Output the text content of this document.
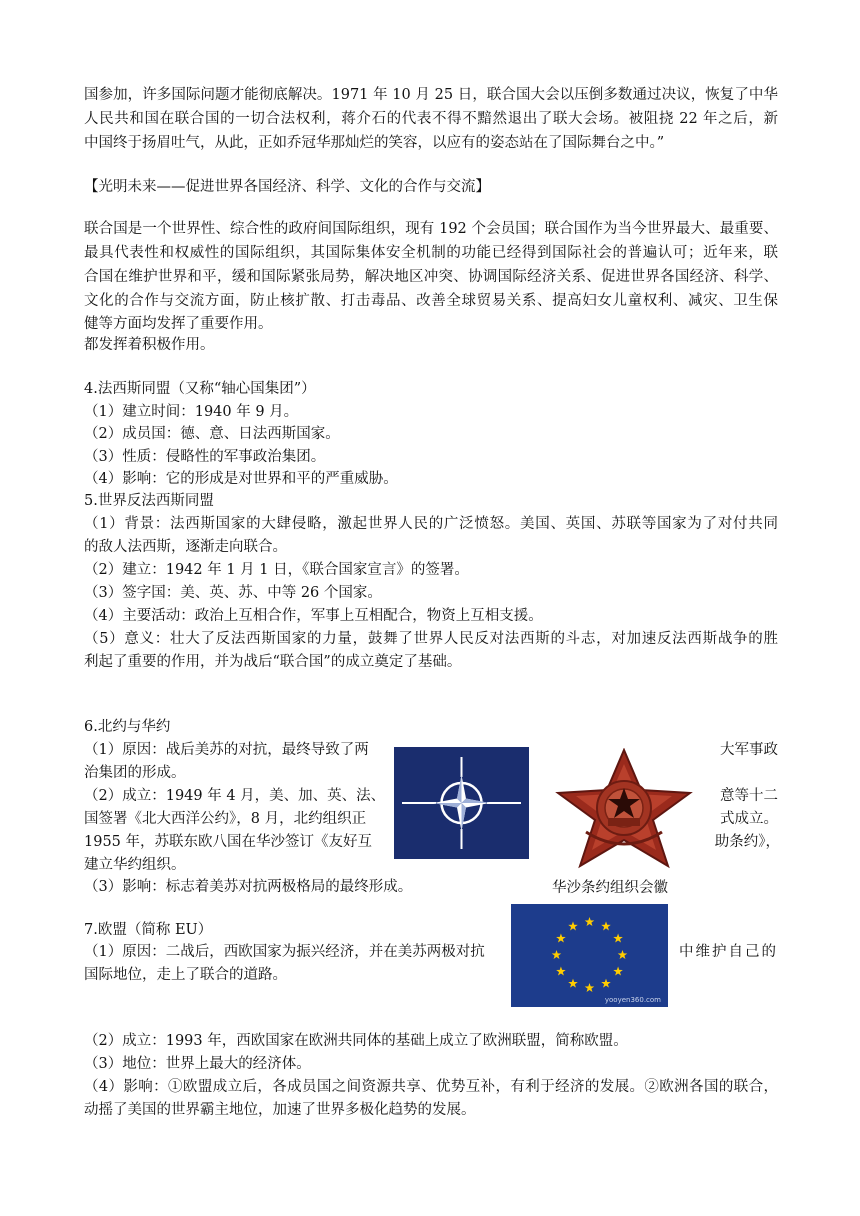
国参加，许多国际问题才能彻底解决。1971 年 10 月 25 日，联合国大会以压倒多数通过决议，恢复了中华
人民共和国在联合国的一切合法权利，蒋介石的代表不得不黯然退出了联大会场。被阻挠 22 年之后，新
中国终于扬眉吐气，从此，正如乔冠华那灿烂的笑容，以应有的姿态站在了国际舞台之中。”
【光明未来——促进世界各国经济、科学、文化的合作与交流】
联合国是一个世界性、综合性的政府间国际组织，现有 192 个会员国；联合国作为当今世界最大、最重要、
最具代表性和权威性的国际组织，其国际集体安全机制的功能已经得到国际社会的普遍认可；近年来，联
合国在维护世界和平，缓和国际紧张局势，解决地区冲突、协调国际经济关系、促进世界各国经济、科学、
文化的合作与交流方面，防止核扩散、打击毒品、改善全球贸易关系、提高妇女儿童权利、减灾、卫生保
健等方面均发挥了重要作用。
都发挥着积极作用。
4.法西斯同盟（又称“轴心国集团”）
（1）建立时间：1940 年 9 月。
（2）成员国：德、意、日法西斯国家。
（3）性质：侵略性的军事政治集团。
（4）影响：它的形成是对世界和平的严重威胁。
5.世界反法西斯同盟
（1）背景：法西斯国家的大肆侵略，激起世界人民的广泛愤怒。美国、英国、苏联等国家为了对付共同
的敌人法西斯，逐渐走向联合。
（2）建立：1942 年 1 月 1 日，《联合国家宣言》的签署。
（3）签字国：美、英、苏、中等 26 个国家。
（4）主要活动：政治上互相合作，军事上互相配合，物资上互相支援。
（5）意义：壮大了反法西斯国家的力量，鼓舞了世界人民反对法西斯的斗志，对加速反法西斯战争的胜
利起了重要的作用，并为战后“联合国”的成立奠定了基础。
6.北约与华约
（1）原因：战后美苏的对抗，最终导致了两
治集团的形成。
（2）成立：1949 年 4 月，美、加、英、法、
国签署《北大西洋公约》，8 月，北约组织正
1955 年，苏联东欧八国在华沙签订《友好互
建立华约组织。
（3）影响：标志着美苏对抗两极格局的最终形成。
大军事政
意等十二
式成立。
助条约》，
华沙条约组织会徽
7.欧盟（简称 EU）
（1）原因：二战后，西欧国家为振兴经济，并在美苏两极对抗	中维护自己的
国际地位，走上了联合的道路。
yooyen360.com
（2）成立：1993 年，西欧国家在欧洲共同体的基础上成立了欧洲联盟，简称欧盟。
（3）地位：世界上最大的经济体。
（4）影响：①欧盟成立后，各成员国之间资源共享、优势互补，有利于经济的发展。②欧洲各国的联合，
动摇了美国的世界霸主地位，加速了世界多极化趋势的发展。
